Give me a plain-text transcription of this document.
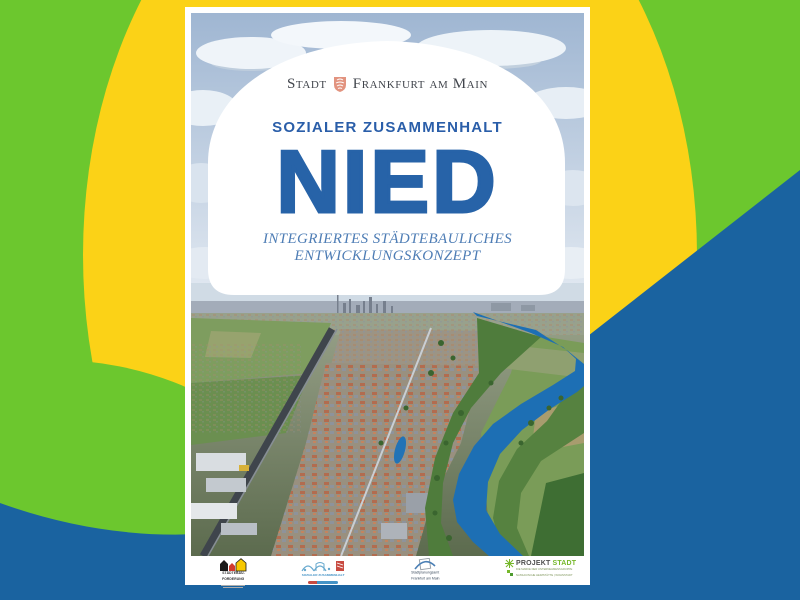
Stadt Frankfurt am Main
SOZIALER ZUSAMMENHALT
NIED
INTEGRIERTES STÄDTEBAULICHES
ENTWICKLUNGSKONZEPT
STÄDTEBAU-
FÖRDERUNG
SOZIALER ZUSAMMENHALT
Stadtplanungsamt
Frankfurt am Main
PROJEKT STADT
DIE MARKE DER UNTERNEHMENSGRUPPE
NASSAUISCHE HEIMSTÄTTE | WOHNSTADT
